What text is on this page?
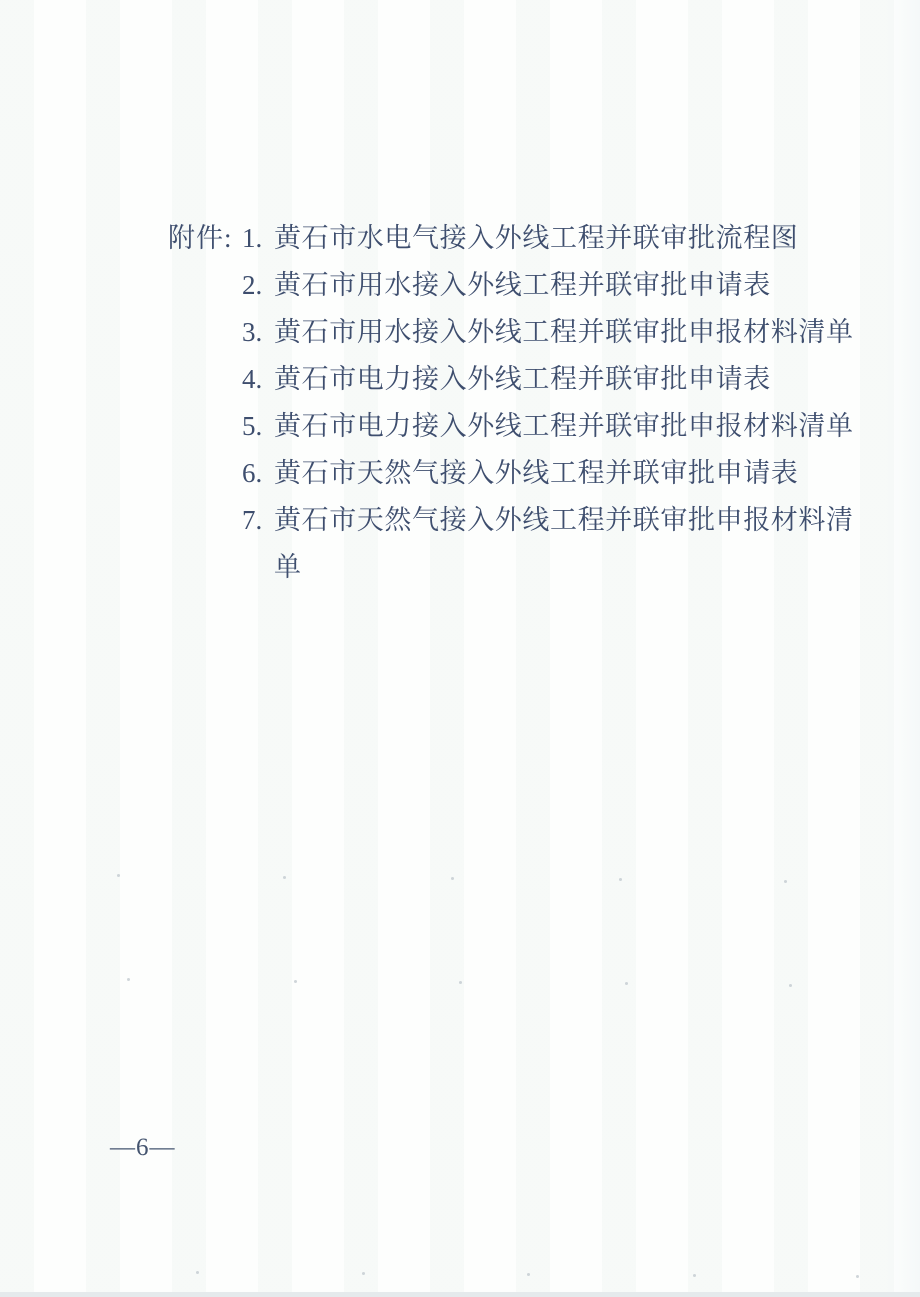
附件: 1. 黄石市水电气接入外线工程并联审批流程图
2. 黄石市用水接入外线工程并联审批申请表
3. 黄石市用水接入外线工程并联审批申报材料清单
4. 黄石市电力接入外线工程并联审批申请表
5. 黄石市电力接入外线工程并联审批申报材料清单
6. 黄石市天然气接入外线工程并联审批申请表
7. 黄石市天然气接入外线工程并联审批申报材料清单
—6—
